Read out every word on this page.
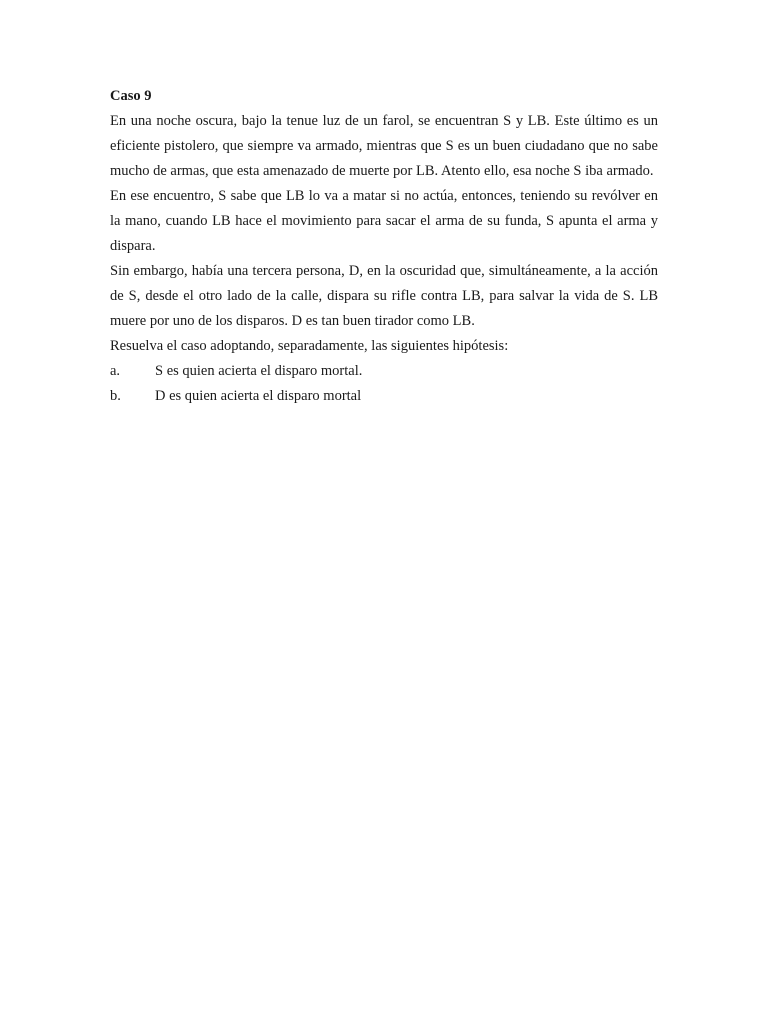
Caso 9

En una noche oscura, bajo la tenue luz de un farol, se encuentran S y LB. Este último es un eficiente pistolero, que siempre va armado, mientras que S es un buen ciudadano que no sabe mucho de armas, que esta amenazado de muerte por LB. Atento ello, esa noche S iba armado.

En ese encuentro, S sabe que LB lo va a matar si no actúa, entonces, teniendo su revólver en la mano, cuando LB hace el movimiento para sacar el arma de su funda, S apunta el arma y dispara.

Sin embargo, había una tercera persona, D, en la oscuridad que, simultáneamente, a la acción de S, desde el otro lado de la calle, dispara su rifle contra LB, para salvar la vida de S. LB muere por uno de los disparos. D es tan buen tirador como LB.

Resuelva el caso adoptando, separadamente, las siguientes hipótesis:

a.	S es quien acierta el disparo mortal.
b.	D es quien acierta el disparo mortal
